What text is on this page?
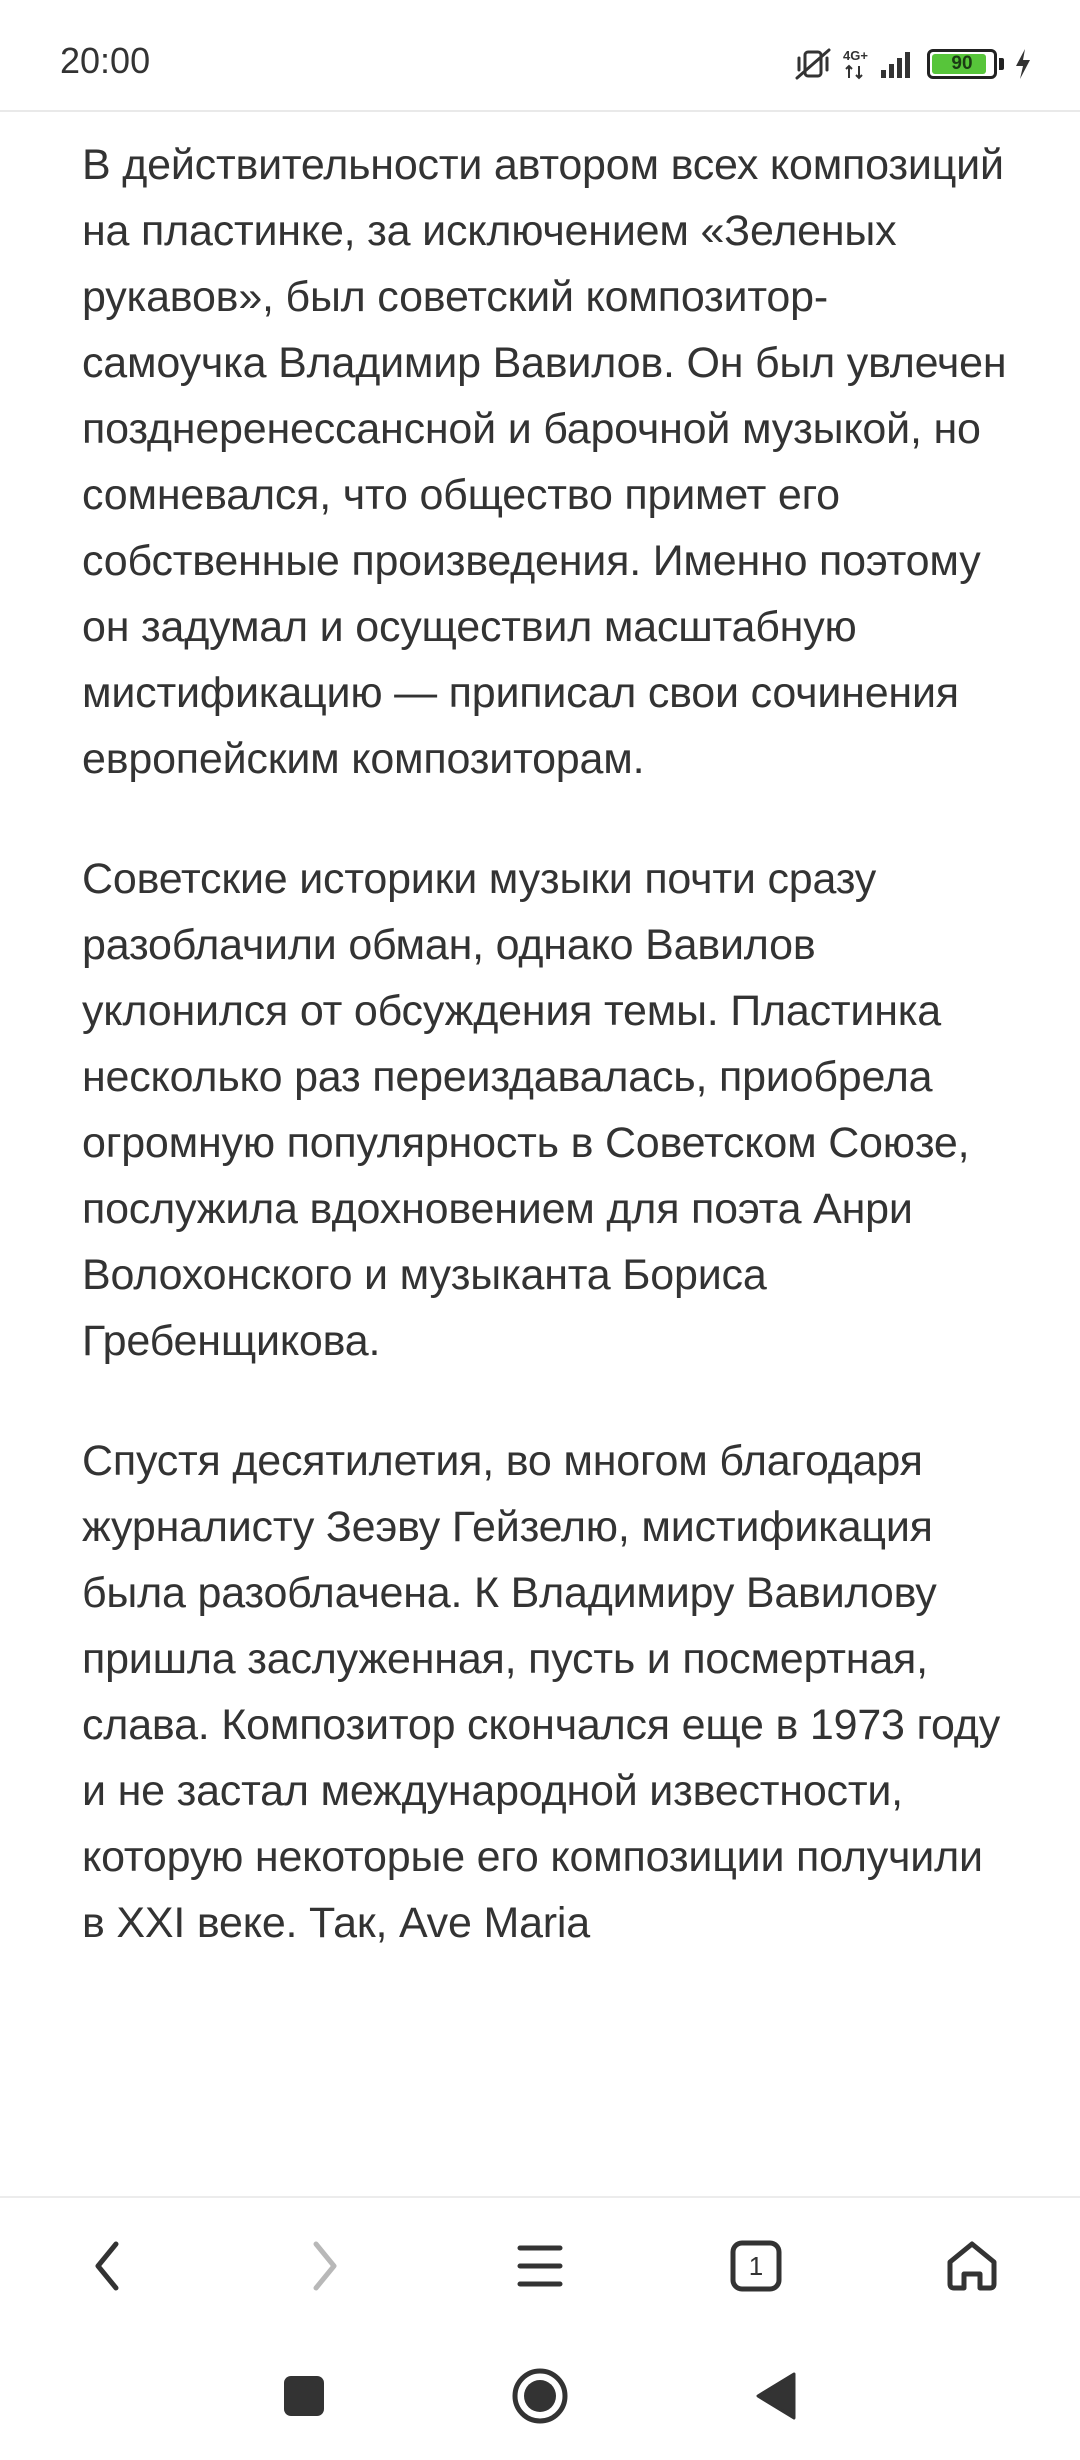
20:00	4G+	90

В действительности автором всех композиций на пластинке, за исключением «Зеленых рукавов», был советский композитор-самоучка Владимир Вавилов. Он был увлечен позднеренессансной и барочной музыкой, но сомневался, что общество примет его собственные произведения. Именно поэтому он задумал и осуществил масштабную мистификацию — приписал свои сочинения европейским композиторам.

Советские историки музыки почти сразу разоблачили обман, однако Вавилов уклонился от обсуждения темы. Пластинка несколько раз переиздавалась, приобрела огромную популярность в Советском Союзе, послужила вдохновением для поэта Анри Волохонского и музыканта Бориса Гребенщикова.

Спустя десятилетия, во многом благодаря журналисту Зеэву Гейзелю, мистификация была разоблачена. К Владимиру Вавилову пришла заслуженная, пусть и посмертная, слава. Композитор скончался еще в 1973 году и не застал международной известности, которую некоторые его композиции получили в XXI веке. Так, Ave Maria

1
